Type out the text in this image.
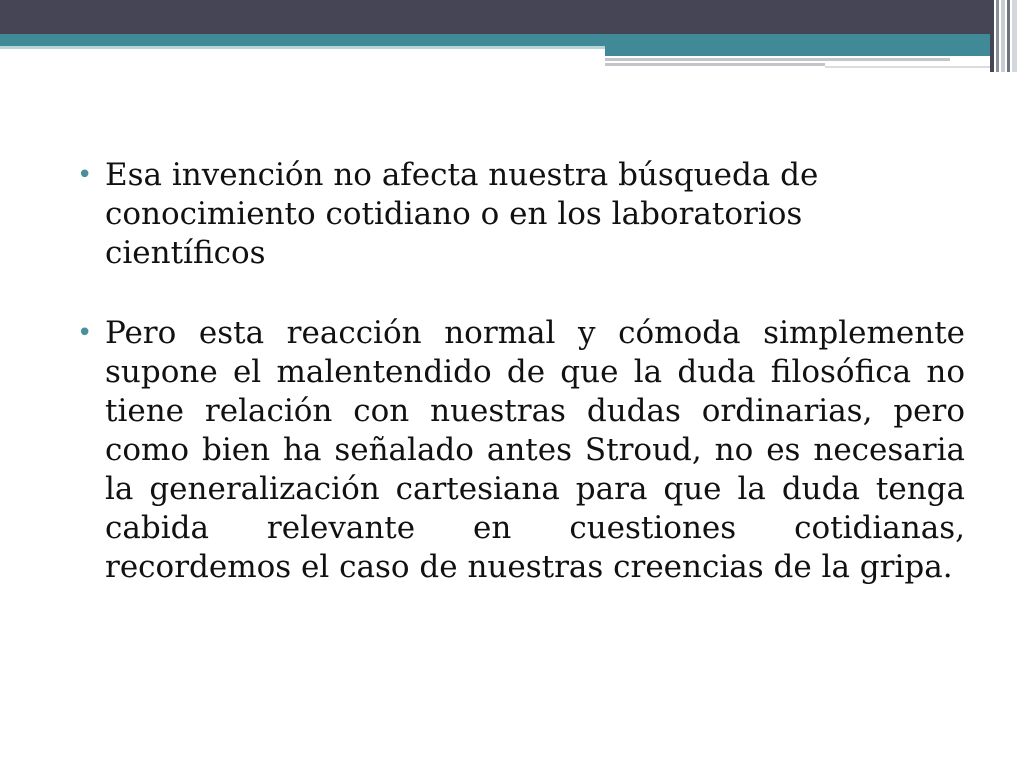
• Esa invención no afecta nuestra búsqueda de conocimiento cotidiano o en los laboratorios científicos
• Pero esta reacción normal y cómoda simplemente supone el malentendido de que la duda filosófica no tiene relación con nuestras dudas ordinarias, pero como bien ha señalado antes Stroud, no es necesaria la generalización cartesiana para que la duda tenga cabida relevante en cuestiones cotidianas, recordemos el caso de nuestras creencias de la gripa.
